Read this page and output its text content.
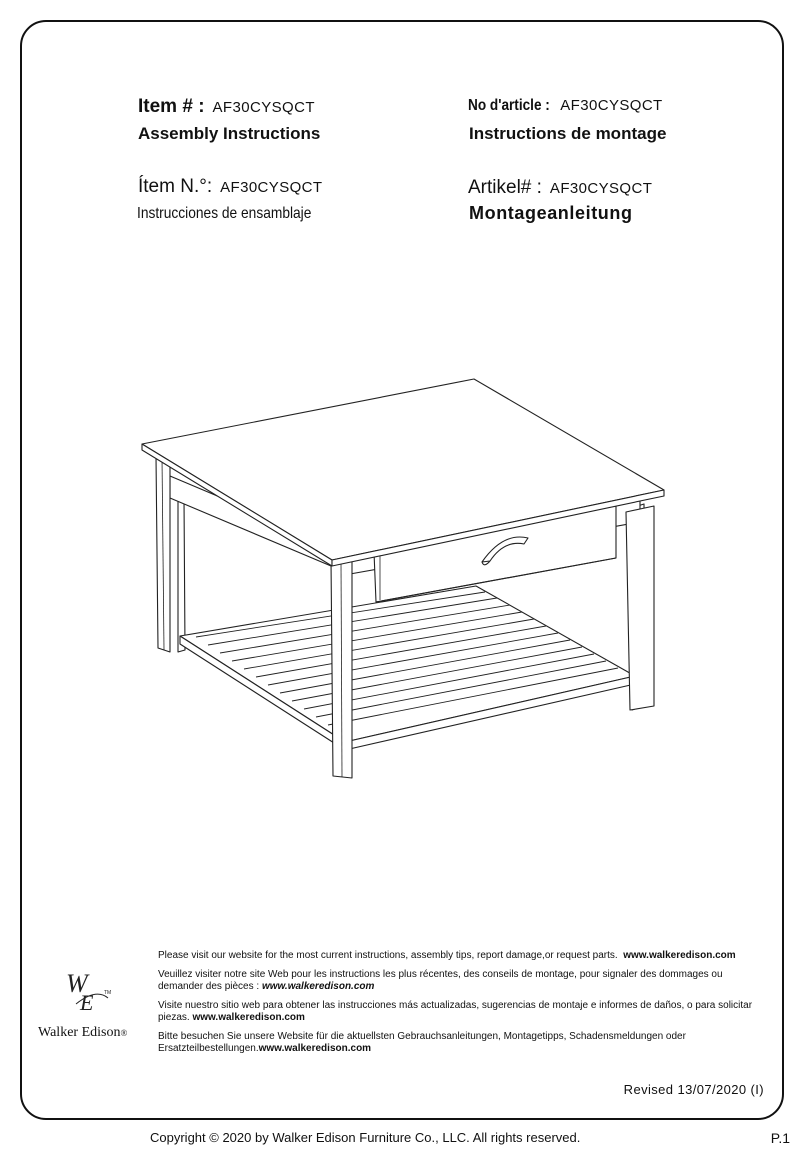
Item # : AF30CYSQCT
Assembly Instructions
No d'article : AF30CYSQCT
Instructions de montage
Ítem N.°: AF30CYSQCT
Instrucciones de ensamblaje
Artikel# : AF30CYSQCT
Montageanleitung
W
E TM
Walker Edison®

Please visit our website for the most current instructions, assembly tips, report damage,or request parts. www.walkeredison.com

Veuillez visiter notre site Web pour les instructions les plus récentes, des conseils de montage, pour signaler des dommages ou demander des pièces : www.walkeredison.com

Visite nuestro sitio web para obtener las instrucciones más actualizadas, sugerencias de montaje e informes de daños, o para solicitar piezas. www.walkeredison.com

Bitte besuchen Sie unsere Website für die aktuellsten Gebrauchsanleitungen, Montagetipps, Schadensmeldungen oder Ersatzteilbestellungen.www.walkeredison.com

Revised 13/07/2020 (I)
Copyright © 2020 by Walker Edison Furniture Co., LLC. All rights reserved.	P.1
